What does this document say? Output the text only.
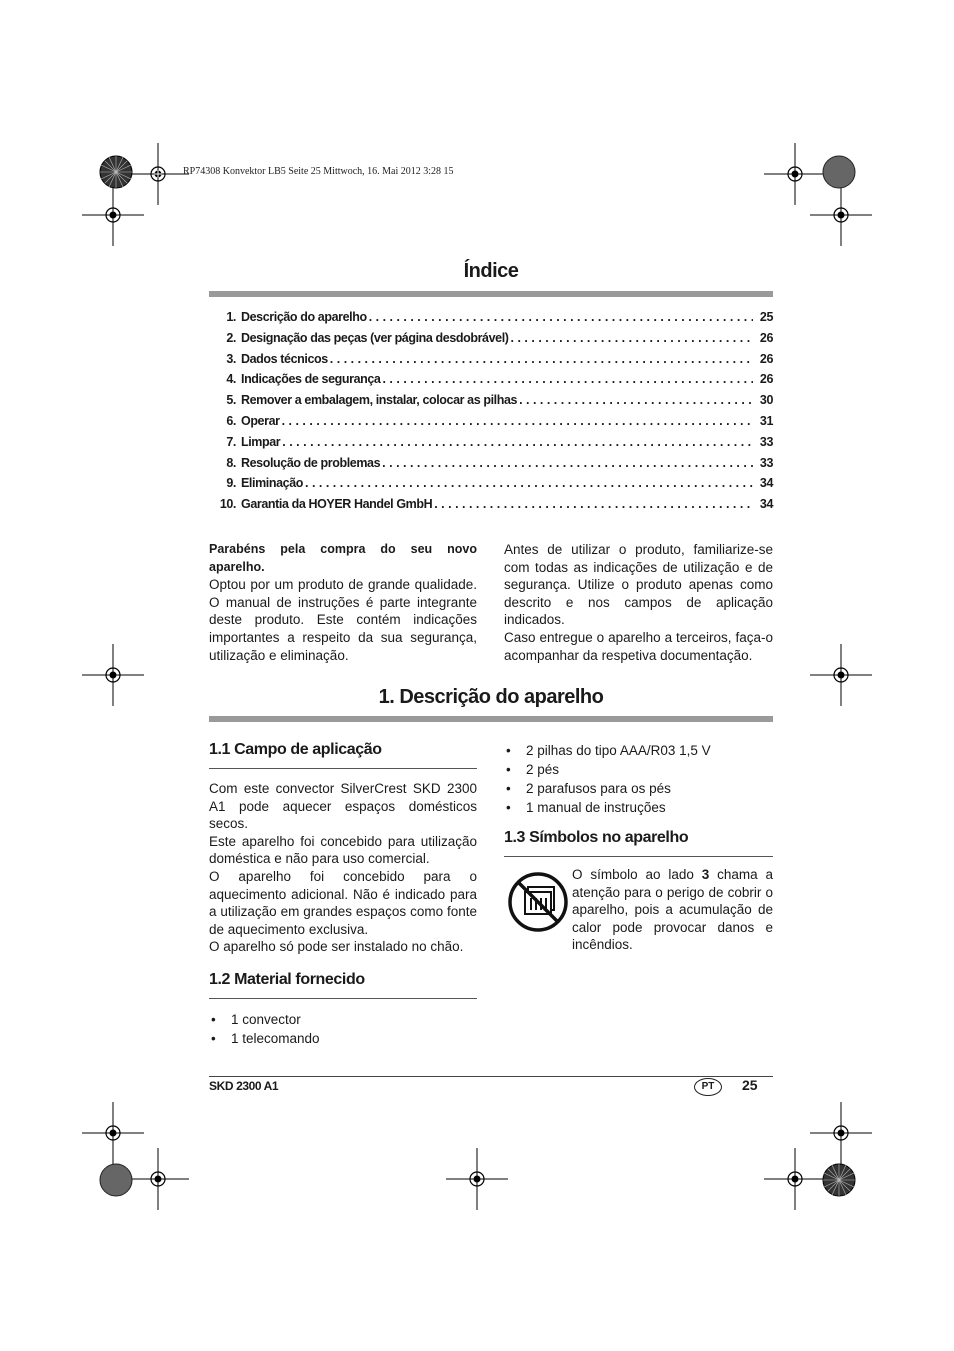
RP74308 Konvektor LB5 Seite 25 Mittwoch, 16. Mai 2012 3:28 15
Índice
1. Descrição do aparelho . . .	25
2. Designação das peças (ver página desdobrável) . . .	26
3. Dados técnicos . . .	26
4. Indicações de segurança . . .	26
5. Remover a embalagem, instalar, colocar as pilhas . . .	30
6. Operar . . .	31
7. Limpar . . .	33
8. Resolução de problemas . . .	33
9. Eliminação . . .	34
10. Garantia da HOYER Handel GmbH . . .	34

Parabéns pela compra do seu novo aparelho.

Optou por um produto de grande qualidade. O manual de instruções é parte integrante deste produto. Este contém indicações importantes a respeito da sua segurança, utilização e eliminação.

Antes de utilizar o produto, familiarize-se com todas as indicações de utilização e de segurança. Utilize o produto apenas como descrito e nos campos de aplicação indicados.

Caso entregue o aparelho a terceiros, faça-o acompanhar da respetiva documentação.

1. Descrição do aparelho
1.1 Campo de aplicação

Com este convector SilverCrest SKD 2300 A1 pode aquecer espaços domésticos secos.

Este aparelho foi concebido para utilização doméstica e não para uso comercial.

O aparelho foi concebido para o aquecimento adicional. Não é indicado para a utilização em grandes espaços como fonte de aquecimento exclusiva.

O aparelho só pode ser instalado no chão.

1.2 Material fornecido
• 1 convector
• 1 telecomando
• 2 pilhas do tipo AAA/R03 1,5 V
• 2 pés
• 2 parafusos para os pés
• 1 manual de instruções
1.3 Símbolos no aparelho

O símbolo ao lado 3 chama a atenção para o perigo de cobrir o aparelho, pois a acumulação de calor pode provocar danos e incêndios.

SKD 2300 A1	PT	25
